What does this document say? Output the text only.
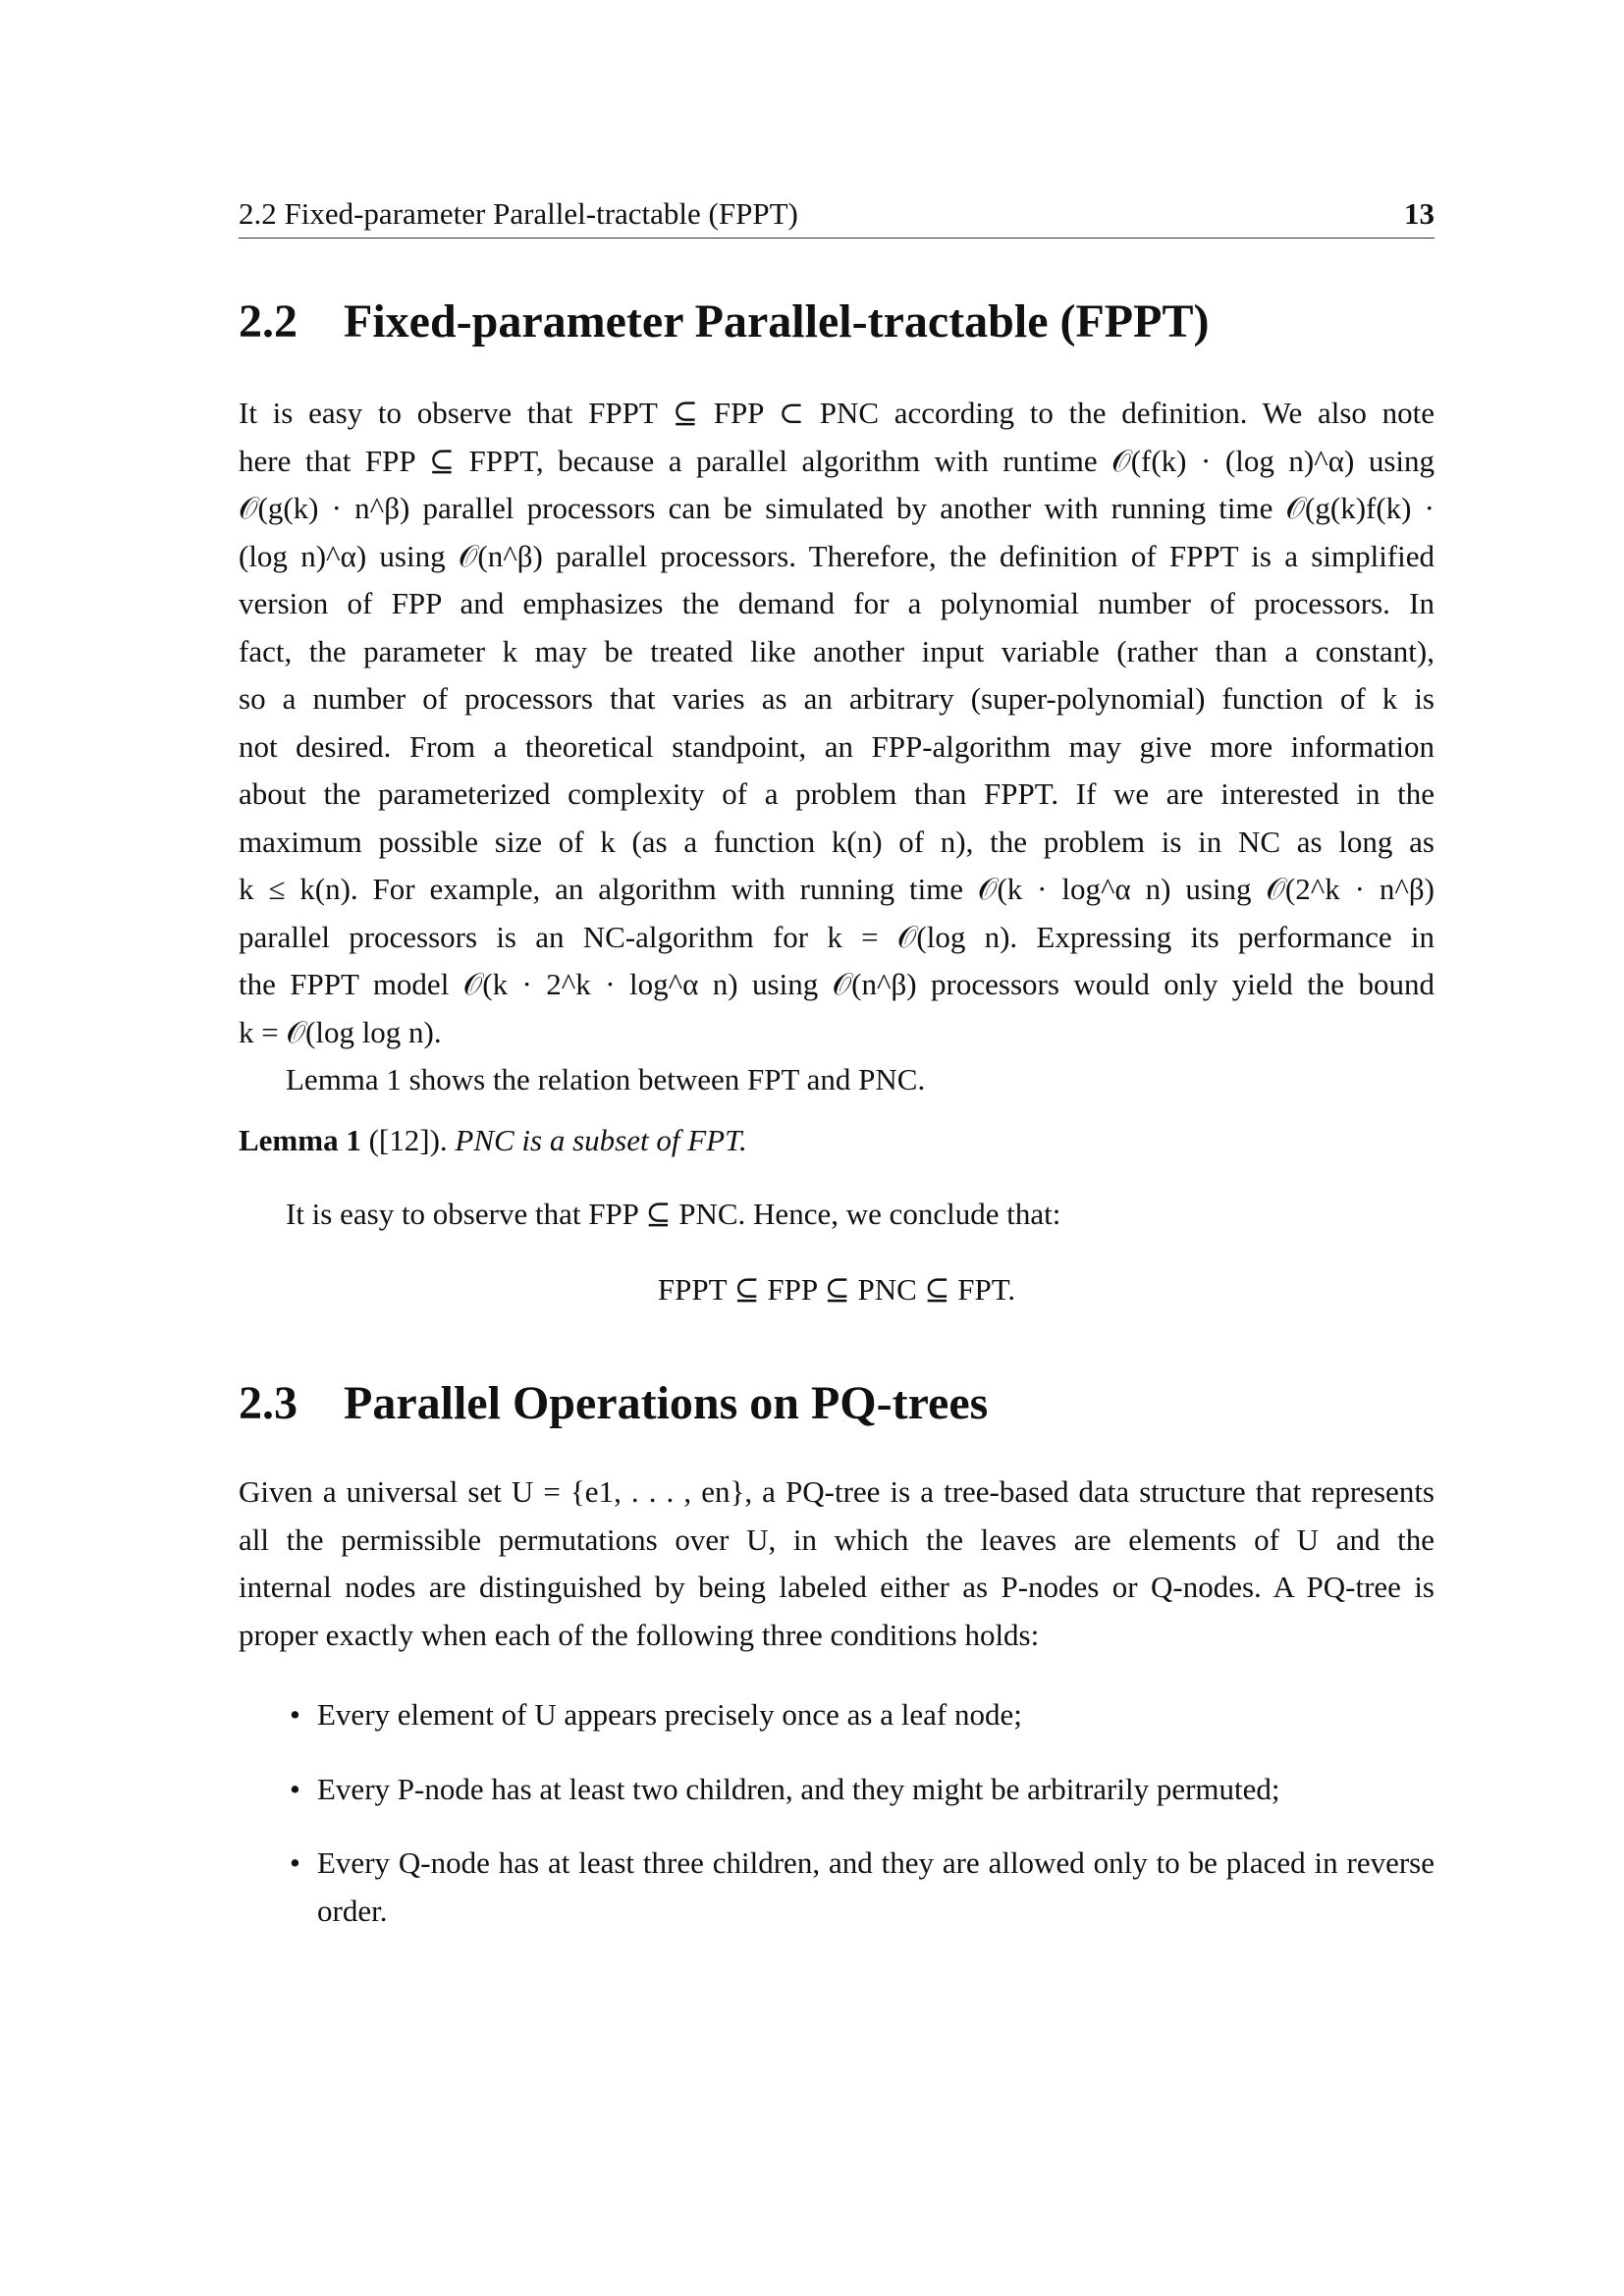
2.2 Fixed-parameter Parallel-tractable (FPPT)	13
2.2 Fixed-parameter Parallel-tractable (FPPT)
It is easy to observe that FPPT ⊆ FPP ⊂ PNC according to the definition. We also note
here that FPP ⊆ FPPT, because a parallel algorithm with runtime 𝒪(f(k) · (log n)^α) using
𝒪(g(k) · n^β) parallel processors can be simulated by another with running time 𝒪(g(k)f(k) ·
(log n)^α) using 𝒪(n^β) parallel processors. Therefore, the definition of FPPT is a simplified
version of FPP and emphasizes the demand for a polynomial number of processors. In
fact, the parameter k may be treated like another input variable (rather than a constant),
so a number of processors that varies as an arbitrary (super-polynomial) function of k is
not desired. From a theoretical standpoint, an FPP-algorithm may give more information
about the parameterized complexity of a problem than FPPT. If we are interested in the
maximum possible size of k (as a function k(n) of n), the problem is in NC as long as
k ≤ k(n). For example, an algorithm with running time 𝒪(k · log^α n) using 𝒪(2^k · n^β)
parallel processors is an NC-algorithm for k = 𝒪(log n). Expressing its performance in
the FPPT model 𝒪(k · 2^k · log^α n) using 𝒪(n^β) processors would only yield the bound
k = 𝒪(log log n).
Lemma 1 shows the relation between FPT and PNC.

Lemma 1 ([12]). PNC is a subset of FPT.

It is easy to observe that FPP ⊆ PNC. Hence, we conclude that:

FPPT ⊆ FPP ⊆ PNC ⊆ FPT.
2.3 Parallel Operations on PQ-trees
Given a universal set U = {e1, . . . , en}, a PQ-tree is a tree-based data structure that represents
all the permissible permutations over U, in which the leaves are elements of U and the
internal nodes are distinguished by being labeled either as P-nodes or Q-nodes. A PQ-tree is
proper exactly when each of the following three conditions holds:
• Every element of U appears precisely once as a leaf node;
• Every P-node has at least two children, and they might be arbitrarily permuted;
• Every Q-node has at least three children, and they are allowed only to be placed in reverse order.
